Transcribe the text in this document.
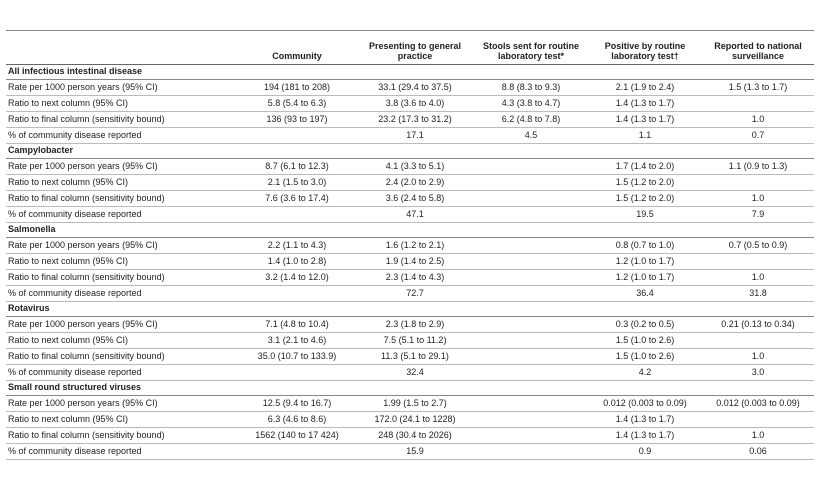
	Community	Presenting to general practice	Stools sent for routine laboratory test*	Positive by routine laboratory test†	Reported to national surveillance
All infectious intestinal disease					
Rate per 1000 person years (95% CI)	194 (181 to 208)	33.1 (29.4 to 37.5)	8.8 (8.3 to 9.3)	2.1 (1.9 to 2.4)	1.5 (1.3 to 1.7)
Ratio to next column (95% CI)	5.8 (5.4 to 6.3)	3.8 (3.6 to 4.0)	4.3 (3.8 to 4.7)	1.4 (1.3 to 1.7)	
Ratio to final column (sensitivity bound)	136 (93 to 197)	23.2 (17.3 to 31.2)	6.2 (4.8 to 7.8)	1.4 (1.3 to 1.7)	1.0
% of community disease reported		17.1	4.5	1.1	0.7
Campylobacter					
Rate per 1000 person years (95% CI)	8.7 (6.1 to 12.3)	4.1 (3.3 to 5.1)		1.7 (1.4 to 2.0)	1.1 (0.9 to 1.3)
Ratio to next column (95% CI)	2.1 (1.5 to 3.0)	2.4 (2.0 to 2.9)		1.5 (1.2 to 2.0)	
Ratio to final column (sensitivity bound)	7.6 (3.6 to 17.4)	3.6 (2.4 to 5.8)		1.5 (1.2 to 2.0)	1.0
% of community disease reported		47.1		19.5	7.9
Salmonella					
Rate per 1000 person years (95% CI)	2.2 (1.1 to 4.3)	1.6 (1.2 to 2.1)		0.8 (0.7 to 1.0)	0.7 (0.5 to 0.9)
Ratio to next column (95% CI)	1.4 (1.0 to 2.8)	1.9 (1.4 to 2.5)		1.2 (1.0 to 1.7)	
Ratio to final column (sensitivity bound)	3.2 (1.4 to 12.0)	2.3 (1.4 to 4.3)		1.2 (1.0 to 1.7)	1.0
% of community disease reported		72.7		36.4	31.8
Rotavirus					
Rate per 1000 person years (95% CI)	7.1 (4.8 to 10.4)	2.3 (1.8 to 2.9)		0.3 (0.2 to 0.5)	0.21 (0.13 to 0.34)
Ratio to next column (95% CI)	3.1 (2.1 to 4.6)	7.5 (5.1 to 11.2)		1.5 (1.0 to 2.6)	
Ratio to final column (sensitivity bound)	35.0 (10.7 to 133.9)	11.3 (5.1 to 29.1)		1.5 (1.0 to 2.6)	1.0
% of community disease reported		32.4		4.2	3.0
Small round structured viruses					
Rate per 1000 person years (95% CI)	12.5 (9.4 to 16.7)	1.99 (1.5 to 2.7)		0.012 (0.003 to 0.09)	0.012 (0.003 to 0.09)
Ratio to next column (95% CI)	6.3 (4.6 to 8.6)	172.0 (24.1 to 1228)		1.4 (1.3 to 1.7)	
Ratio to final column (sensitivity bound)	1562 (140 to 17 424)	248 (30.4 to 2026)		1.4 (1.3 to 1.7)	1.0
% of community disease reported		15.9		0.9	0.06
